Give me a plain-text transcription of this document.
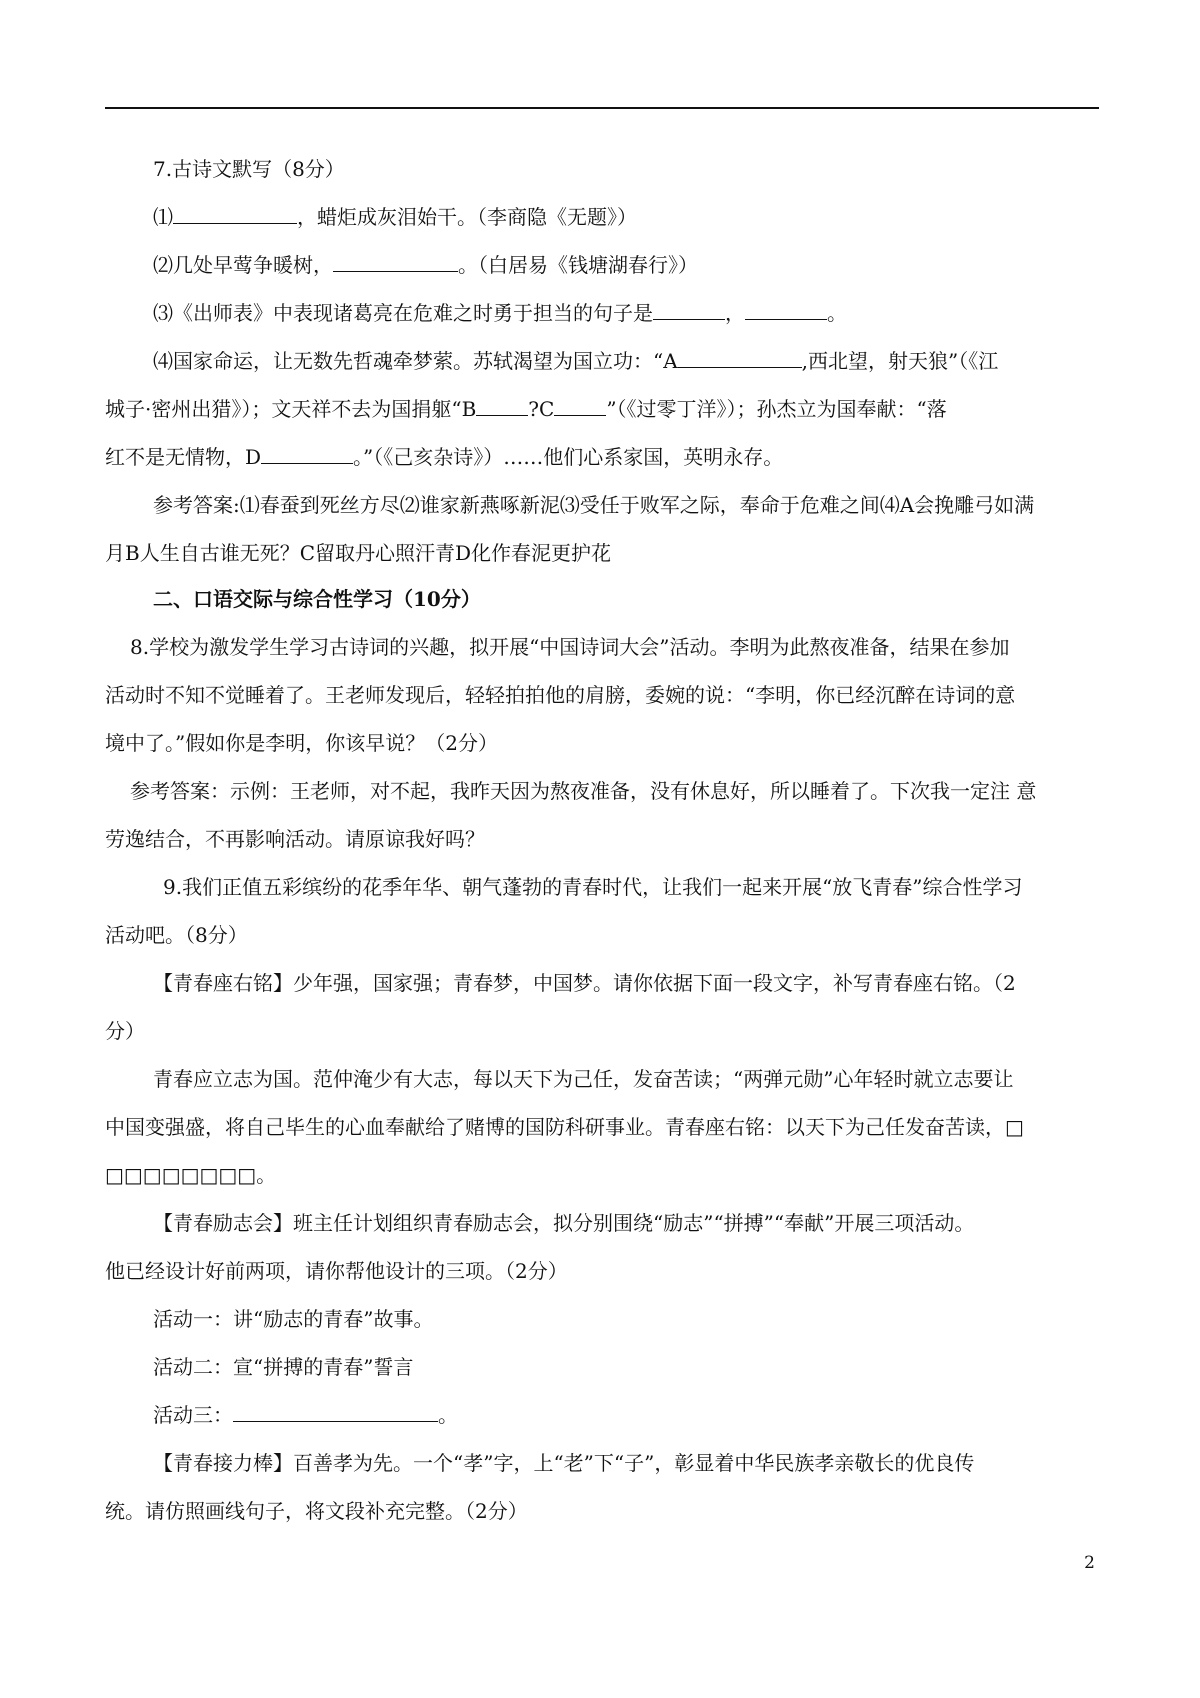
7.古诗文默写（8分）
⑴	，蜡炬成灰泪始干。（李商隐《无题》）
⑵几处早莺争暖树，	。（白居易《钱塘湖春行》）
⑶《出师表》中表现诸葛亮在危难之时勇于担当的句子是	，	。
⑷国家命运，让无数先哲魂牵梦萦。苏轼渴望为国立功：“A	,西北望，射天狼”（《江
城子·密州出猎》）；文天祥不去为国捐躯“B	?C	”（《过零丁洋》）；孙杰立为国奉献：“落
红不是无情物，D	。”（《己亥杂诗》）……他们心系家国，英明永存。
参考答案:⑴春蚕到死丝方尽⑵谁家新燕啄新泥⑶受任于败军之际，奉命于危难之间⑷A会挽雕弓如满
月B人生自古谁无死？C留取丹心照汗青D化作春泥更护花
二、口语交际与综合性学习（10分）
8.学校为激发学生学习古诗词的兴趣，拟开展“中国诗词大会”活动。李明为此熬夜准备，结果在参加
活动时不知不觉睡着了。王老师发现后，轻轻拍拍他的肩膀，委婉的说：“李明，你已经沉醉在诗词的意
境中了。”假如你是李明，你该早说？（2分）
参考答案：示例：王老师，对不起，我昨天因为熬夜准备，没有休息好，所以睡着了。下次我一定注 意
劳逸结合，不再影响活动。请原谅我好吗？
9.我们正值五彩缤纷的花季年华、朝气蓬勃的青春时代，让我们一起来开展“放飞青春”综合性学习
活动吧。（8分）
【青春座右铭】少年强，国家强；青春梦，中国梦。请你依据下面一段文字，补写青春座右铭。（2
分）
青春应立志为国。范仲淹少有大志，每以天下为己任，发奋苦读；“两弹元勋”心年轻时就立志要让
中国变强盛，将自己毕生的心血奉献给了赌博的国防科研事业。青春座右铭：以天下为己任发奋苦读，□
□□□□□□□□。
【青春励志会】班主任计划组织青春励志会，拟分别围绕“励志”“拼搏”“奉献”开展三项活动。
他已经设计好前两项，请你帮他设计的三项。（2分）
活动一：讲“励志的青春”故事。
活动二：宣“拼搏的青春”誓言
活动三：	。
【青春接力棒】百善孝为先。一个“孝”字，上“老”下“子”，彰显着中华民族孝亲敬长的优良传
统。请仿照画线句子，将文段补充完整。（2分）
2
